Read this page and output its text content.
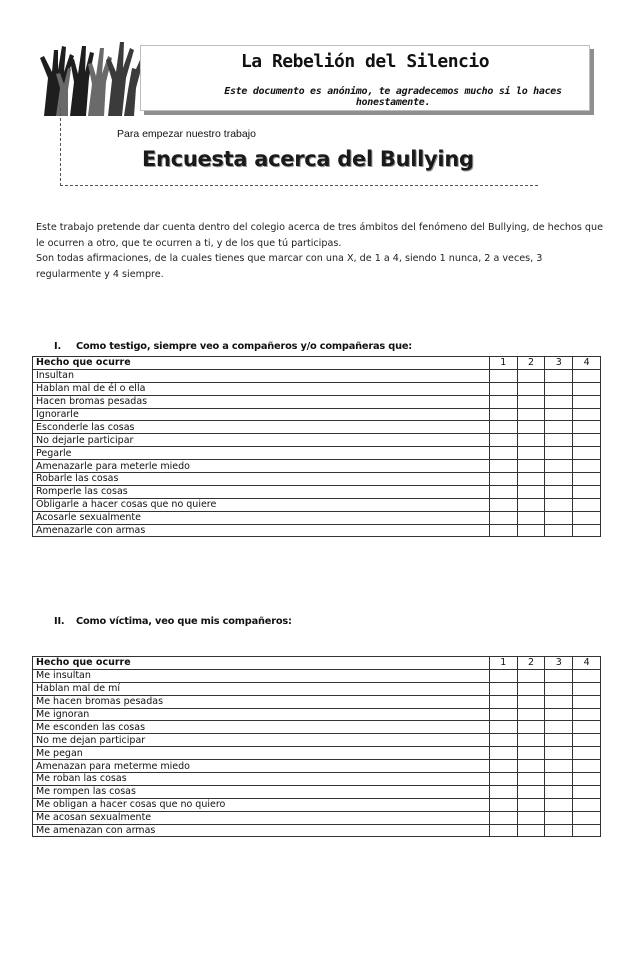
La Rebelión del Silencio
Este documento es anónimo, te agradecemos mucho si lo haces honestamente.
Para empezar nuestro trabajo
Encuesta acerca del Bullying
Este trabajo pretende dar cuenta dentro del colegio acerca de tres ámbitos del fenómeno del Bullying, de hechos que le ocurren a otro, que te ocurren a ti, y de los que tú participas.
Son todas afirmaciones, de la cuales tienes que marcar con una X, de 1 a 4, siendo 1 nunca, 2 a veces, 3 regularmente y 4 siempre.
I. Como testigo, siempre veo a compañeros y/o compañeras que:
Hecho que ocurre	1	2	3	4
Insultan				
Hablan mal de él o ella				
Hacen bromas pesadas				
Ignorarle				
Esconderle las cosas				
No dejarle participar				
Pegarle				
Amenazarle para meterle miedo				
Robarle las cosas				
Romperle las cosas				
Obligarle a hacer cosas que no quiere				
Acosarle sexualmente				
Amenazarle con armas				
II. Como víctima, veo que mis compañeros:
Hecho que ocurre	1	2	3	4
Me insultan				
Hablan mal de mí				
Me hacen bromas pesadas				
Me ignoran				
Me esconden las cosas				
No me dejan participar				
Me pegan				
Amenazan para meterme miedo				
Me roban las cosas				
Me rompen las cosas				
Me obligan a hacer cosas que no quiero				
Me acosan sexualmente				
Me amenazan con armas				
